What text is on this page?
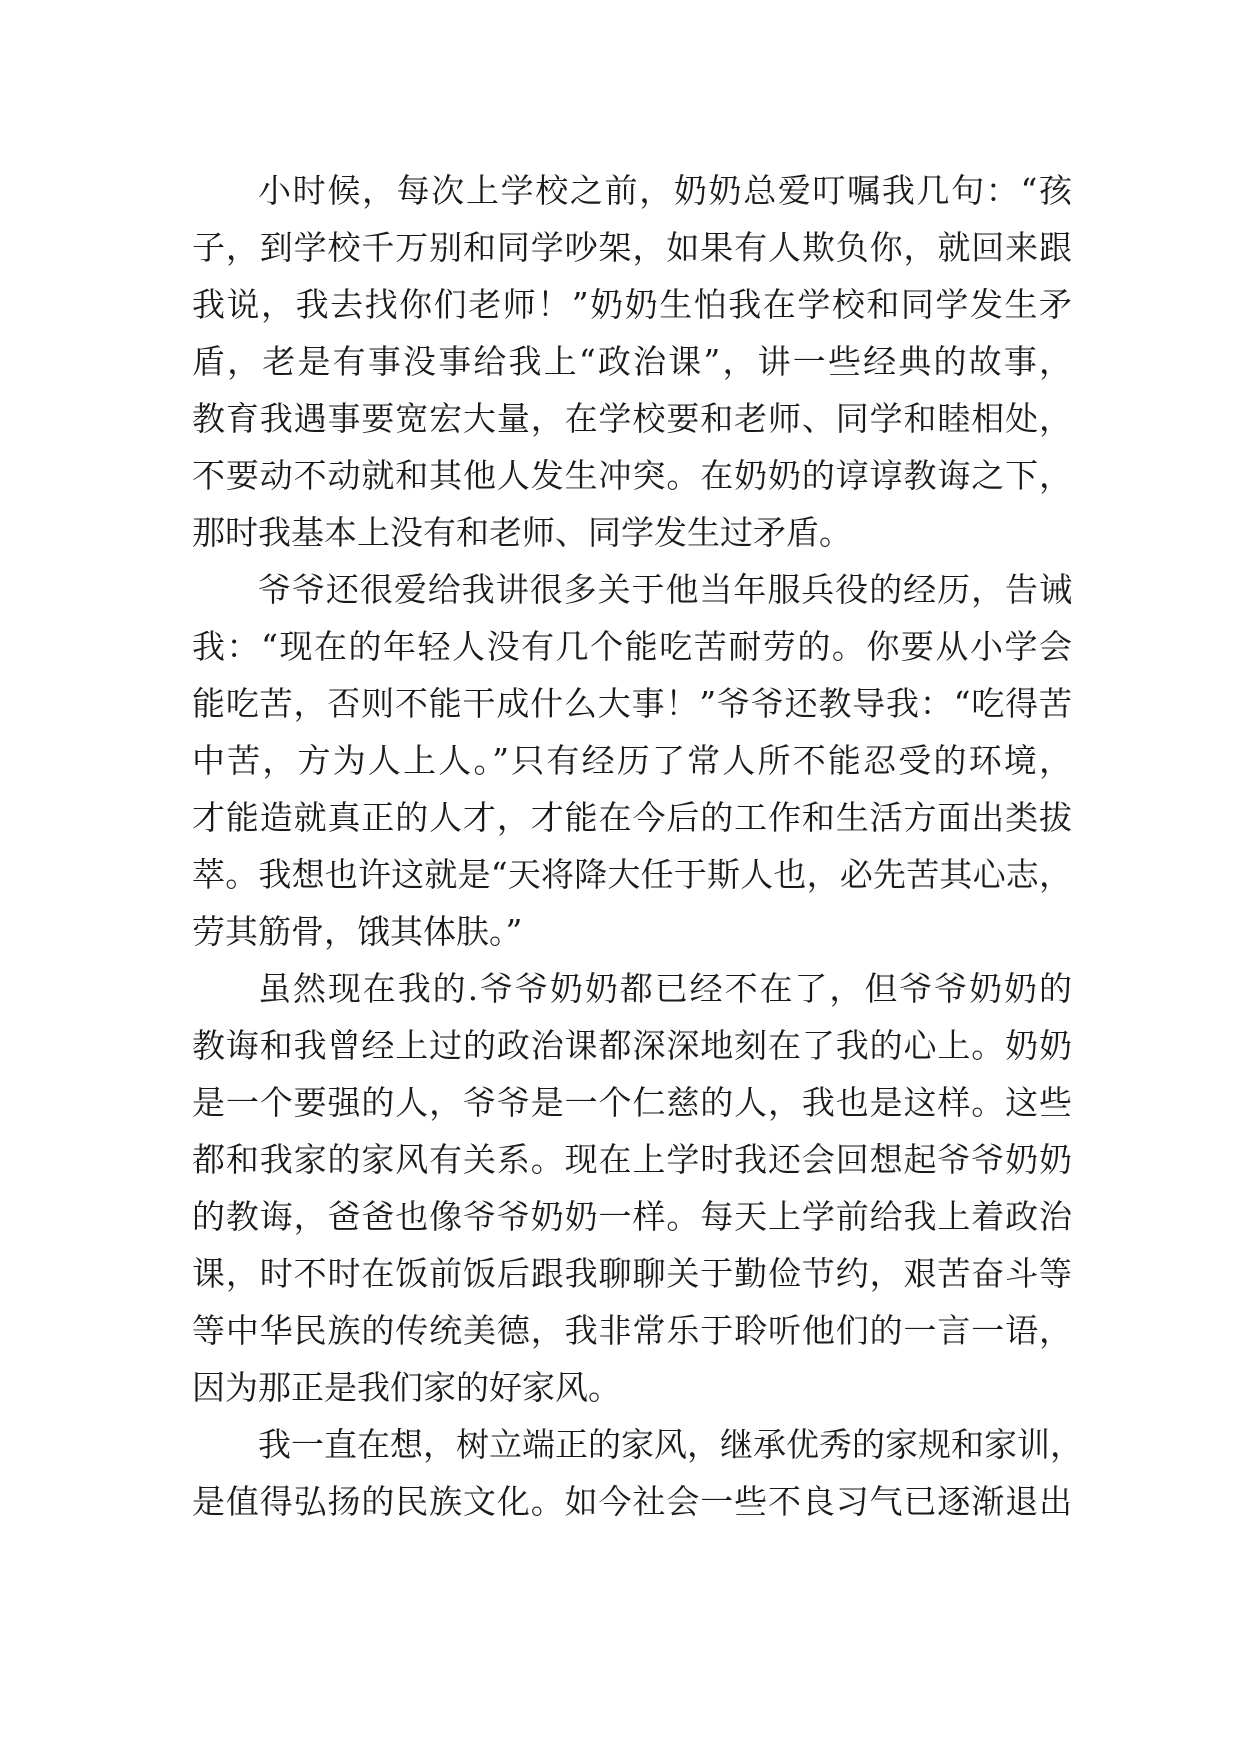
小时候，每次上学校之前，奶奶总爱叮嘱我几句：“孩
子，到学校千万别和同学吵架，如果有人欺负你，就回来跟
我说，我去找你们老师！”奶奶生怕我在学校和同学发生矛
盾，老是有事没事给我上“政治课”，讲一些经典的故事，
教育我遇事要宽宏大量，在学校要和老师、同学和睦相处，
不要动不动就和其他人发生冲突。在奶奶的谆谆教诲之下，
那时我基本上没有和老师、同学发生过矛盾。

爷爷还很爱给我讲很多关于他当年服兵役的经历，告诫
我：“现在的年轻人没有几个能吃苦耐劳的。你要从小学会
能吃苦，否则不能干成什么大事！”爷爷还教导我：“吃得苦
中苦，方为人上人。”只有经历了常人所不能忍受的环境，
才能造就真正的人才，才能在今后的工作和生活方面出类拔
萃。我想也许这就是“天将降大任于斯人也，必先苦其心志，
劳其筋骨，饿其体肤。”

虽然现在我的.爷爷奶奶都已经不在了，但爷爷奶奶的
教诲和我曾经上过的政治课都深深地刻在了我的心上。奶奶
是一个要强的人，爷爷是一个仁慈的人，我也是这样。这些
都和我家的家风有关系。现在上学时我还会回想起爷爷奶奶
的教诲，爸爸也像爷爷奶奶一样。每天上学前给我上着政治
课，时不时在饭前饭后跟我聊聊关于勤俭节约，艰苦奋斗等
等中华民族的传统美德，我非常乐于聆听他们的一言一语，
因为那正是我们家的好家风。

我一直在想，树立端正的家风，继承优秀的家规和家训，
是值得弘扬的民族文化。如今社会一些不良习气已逐渐退出
